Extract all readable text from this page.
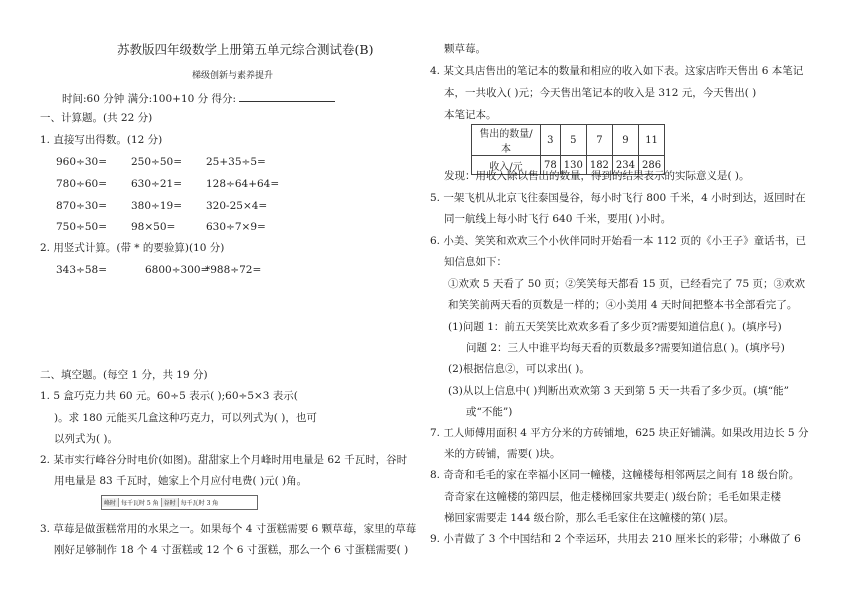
苏教版四年级数学上册第五单元综合测试卷(B)
梯级创新与素养提升
时间:60 分钟 满分:100+10 分 得分:
一、计算题。(共 22 分)
1. 直接写出得数。(12 分)
960÷30= 250÷50= 25+35÷5=
780÷60= 630÷21= 128÷64+64=
870÷30= 380÷19= 320-25×4=
750÷50= 98×50=	630÷7×9=
2. 用竖式计算。(带 * 的要验算)(10 分)
343÷58=	6800÷300=
*988÷72=
二、填空题。(每空 1 分，共 19 分)
1. 5 盒巧克力共 60 元。60÷5 表示( );60÷5×3 表示(
)。求 180 元能买几盒这种巧克力，可以列式为( )，也可
以列式为( )。
2. 某市实行峰谷分时电价(如图)。甜甜家上个月峰时用电量是 62 千瓦时，谷时
用电量是 83 千瓦时，她家上个月应付电费( )元( )角。
峰时 每千瓦时 5 角 谷时 每千瓦时 3 角
3. 草莓是做蛋糕常用的水果之一。如果每个 4 寸蛋糕需要 6 颗草莓，家里的草莓
刚好足够制作 18 个 4 寸蛋糕或 12 个 6 寸蛋糕，那么一个 6 寸蛋糕需要( )
颗草莓。
4. 某文具店售出的笔记本的数量和相应的收入如下表。这家店昨天售出 6 本笔记
本，一共收入( )元；今天售出笔记本的收入是 312 元，今天售出( )
本笔记本。
售出的数量/本	3	5	7	9	11
收入/元	78	130	182	234	286
发现：用收入除以售出的数量，得到的结果表示的实际意义是( )。
5. 一架飞机从北京飞往泰国曼谷，每小时飞行 800 千米，4 小时到达，返回时在
同一航线上每小时飞行 640 千米，要用( )小时。
6. 小美、笑笑和欢欢三个小伙伴同时开始看一本 112 页的《小王子》童话书，已
知信息如下：
①欢欢 5 天看了 50 页；②笑笑每天都看 15 页，已经看完了 75 页；③欢欢
和笑笑前两天看的页数是一样的；④小美用 4 天时间把整本书全部看完了。
(1)问题 1：前五天笑笑比欢欢多看了多少页?需要知道信息( )。(填序号)
问题 2：三人中谁平均每天看的页数最多?需要知道信息( )。(填序号)
(2)根据信息②，可以求出( )。
(3)从以上信息中( )判断出欢欢第 3 天到第 5 天一共看了多少页。(填“能”
或“不能”)
7. 工人师傅用面积 4 平方分米的方砖铺地，625 块正好铺满。如果改用边长 5 分
米的方砖铺，需要( )块。
8. 奇奇和毛毛的家在幸福小区同一幢楼，这幢楼每相邻两层之间有 18 级台阶。
奇奇家在这幢楼的第四层，他走楼梯回家共要走( )级台阶；毛毛如果走楼
梯回家需要走 144 级台阶，那么毛毛家住在这幢楼的第( )层。
9. 小青做了 3 个中国结和 2 个幸运环，共用去 210 厘米长的彩带；小琳做了 6
